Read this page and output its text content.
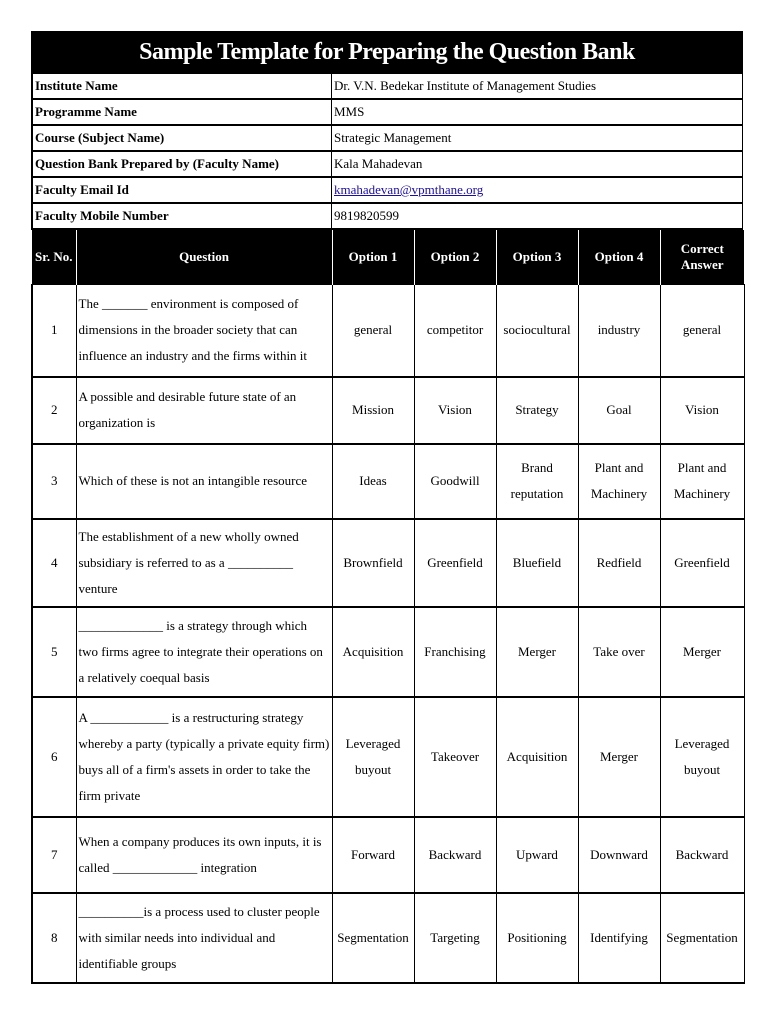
Sample Template for Preparing the Question Bank
Institute Name	Dr. V.N. Bedekar Institute of Management Studies
Programme Name	MMS
Course (Subject Name)	Strategic Management
Question Bank Prepared by (Faculty Name)	Kala Mahadevan
Faculty Email Id	kmahadevan@vpmthane.org
Faculty Mobile Number	9819820599
Sr. No.	Question	Option 1	Option 2	Option 3	Option 4	Correct Answer
1	The _______ environment is composed of dimensions in the broader society that can influence an industry and the firms within it	general	competitor	sociocultural	industry	general
2	A possible and desirable future state of an organization is	Mission	Vision	Strategy	Goal	Vision
3	Which of these is not an intangible resource	Ideas	Goodwill	Brand reputation	Plant and Machinery	Plant and Machinery
4	The establishment of a new wholly owned subsidiary is referred to as a __________ venture	Brownfield	Greenfield	Bluefield	Redfield	Greenfield
5	_____________ is a strategy through which two firms agree to integrate their operations on a relatively coequal basis	Acquisition	Franchising	Merger	Take over	Merger
6	A ____________ is a restructuring strategy whereby a party (typically a private equity firm) buys all of a firm's assets in order to take the firm private	Leveraged buyout	Takeover	Acquisition	Merger	Leveraged buyout
7	When a company produces its own inputs, it is called _____________ integration	Forward	Backward	Upward	Downward	Backward
8	__________is a process used to cluster people with similar needs into individual and identifiable groups	Segmentation	Targeting	Positioning	Identifying	Segmentation
